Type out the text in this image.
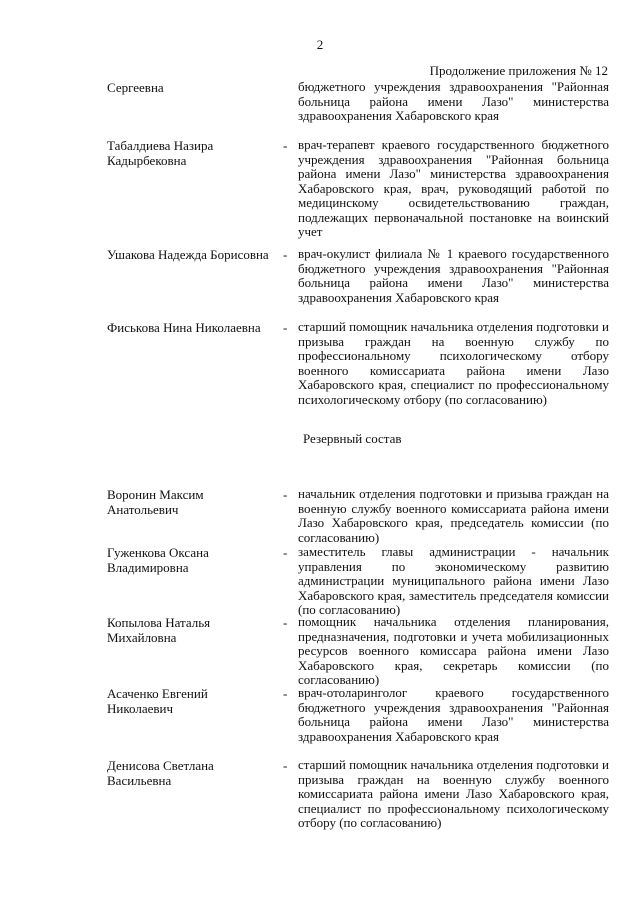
2
Продолжение приложения № 12
Сергеевна	бюджетного учреждения здравоохранения "Районная больница района имени Лазо" министерства здравоохранения Хабаровского края
Табалдиева Назира Кадырбековна
- врач-терапевт краевого государственного бюджетного учреждения здравоохранения "Районная больница района имени Лазо" министерства здравоохранения Хабаровского края, врач, руководящий работой по медицинскому освидетельствованию граждан, подлежащих первоначальной постановке на воинский учет
Ушакова Надежда Борисовна - врач-окулист филиала № 1 краевого государственного бюджетного учреждения здравоохранения "Районная больница района имени Лазо" министерства здравоохранения Хабаровского края
Фиськова Нина Николаевна	- старший помощник начальника отделения подготовки и призыва граждан на военную службу по профессиональному психологическому отбору военного комиссариата района имени Лазо Хабаровского края, специалист по профессиональному психологическому отбору (по согласованию)
Резервный состав
Воронин Максим Анатольевич
- начальник отделения подготовки и призыва граждан на военную службу военного комиссариата района имени Лазо Хабаровского края, председатель комиссии (по согласованию)
Гуженкова Оксана Владимировна
- заместитель главы администрации - начальник управления по экономическому развитию администрации муниципального района имени Лазо Хабаровского края, заместитель председателя комиссии (по согласованию)
Копылова Наталья Михайловна
- помощник начальника отделения планирования, предназначения, подготовки и учета мобилизационных ресурсов военного комиссара района имени Лазо Хабаровского края, секретарь комиссии (по согласованию)
Асаченко Евгений Николаевич
- врач-отоларинголог краевого государственного бюджетного учреждения здравоохранения "Районная больница района имени Лазо" министерства здравоохранения Хабаровского края
Денисова Светлана Васильевна
- старший помощник начальника отделения подготовки и призыва граждан на военную службу военного комиссариата района имени Лазо Хабаровского края, специалист по профессиональному психологическому отбору (по согласованию)
